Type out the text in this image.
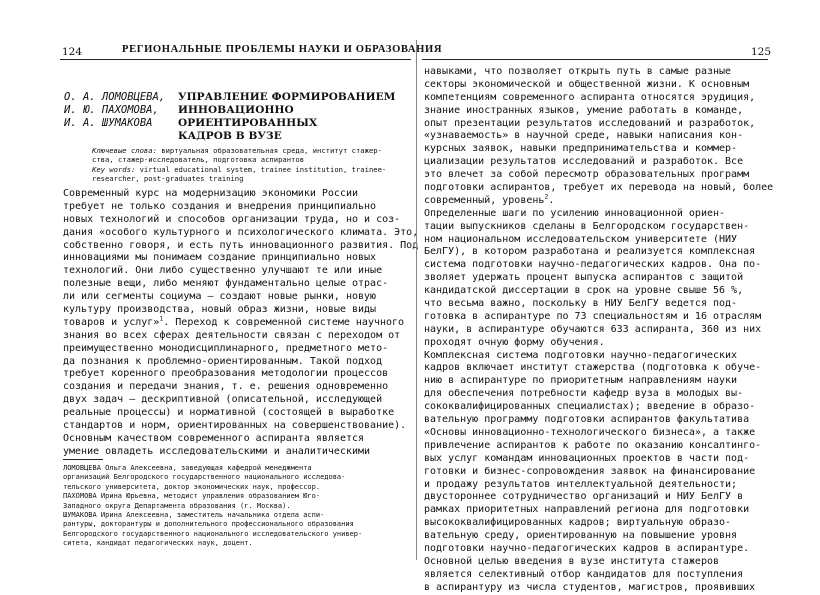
124	РЕГИОНАЛЬНЫЕ ПРОБЛЕМЫ НАУКИ И ОБРАЗОВАНИЯ	125
О. А. ЛОМОВЦЕВА,
И. Ю. ПАХОМОВА,
И. А. ШУМАКОВА
УПРАВЛЕНИЕ ФОРМИРОВАНИЕМ
ИННОВАЦИОННО
ОРИЕНТИРОВАННЫХ
КАДРОВ В ВУЗЕ
Ключевые слова: виртуальная образовательная среда, институт стажер-
ства, стажер-исследователь, подготовка аспирантов
Key words: virtual educational system, trainee institution, trainee-
researcher, post-graduates training
Современный курс на модернизацию экономики России
требует не только создания и внедрения принципиально
новых технологий и способов организации труда, но и соз-
дания «особого культурного и психологического климата. Это,
собственно говоря, и есть путь инновационного развития. Под
инновациями мы понимаем создание принципиально новых
технологий. Они либо существенно улучшают те или иные
полезные вещи, либо меняют фундаментально целые отрас-
ли или сегменты социума — создают новые рынки, новую
культуру производства, новый образ жизни, новые виды
товаров и услуг»$^1$. Переход к современной системе научного
знания во всех сферах деятельности связан с переходом от
преимущественно монодисциплинарного, предметного мето-
да познания к проблемно-ориентированным. Такой подход
требует коренного преобразования методологии процессов
создания и передачи знания, т. е. решения одновременно
двух задач — дескриптивной (описательной, исследующей
реальные процессы) и нормативной (состоящей в выработке
стандартов и норм, ориентированных на совершенствование).
Основным качеством современного аспиранта является
умение овладеть исследовательскими и аналитическими
ЛОМОВЦЕВА Ольга Алексеевна, заведующая кафедрой менеджмента
организаций Белгородского государственного национального исследова-
тельского университета, доктор экономических наук, профессор.
ПАХОМОВА Ирина Юрьевна, методист управления образованием Юго-
Западного округа Департамента образования (г. Москва).
ШУМАКОВА Ирина Алексеевна, заместитель начальника отдела аспи-
рантуры, докторантуры и дополнительного профессионального образования
Белгородского государственного национального исследовательского универ-
ситета, кандидат педагогических наук, доцент.
навыками, что позволяет открыть путь в самые разные
секторы экономической и общественной жизни. К основным
компетенциям современного аспиранта относятся эрудиция,
знание иностранных языков, умение работать в команде,
опыт презентации результатов исследований и разработок,
«узнаваемость» в научной среде, навыки написания кон-
курсных заявок, навыки предпринимательства и коммер-
циализации результатов исследований и разработок. Все
это влечет за собой пересмотр образовательных программ
подготовки аспирантов, требует их перевода на новый, более
современный, уровень$^2$.
Определенные шаги по усилению инновационной ориен-
тации выпускников сделаны в Белгородском государствен-
ном национальном исследовательском университете (НИУ
БелГУ), в котором разработана и реализуется комплексная
система подготовки научно-педагогических кадров. Она по-
зволяет удержать процент выпуска аспирантов с защитой
кандидатской диссертации в срок на уровне свыше 56 %,
что весьма важно, поскольку в НИУ БелГУ ведется под-
готовка в аспирантуре по 73 специальностям и 16 отраслям
науки, в аспирантуре обучаются 633 аспиранта, 360 из них
проходят очную форму обучения.
Комплексная система подготовки научно-педагогических
кадров включает институт стажерства (подготовка к обуче-
нию в аспирантуре по приоритетным направлениям науки
для обеспечения потребности кафедр вуза в молодых вы-
сококвалифицированных специалистах); введение в образо-
вательную программу подготовки аспирантов факультатива
«Основы инновационно-технологического бизнеса», а также
привлечение аспирантов к работе по оказанию консалтинго-
вых услуг командам инновационных проектов в части под-
готовки и бизнес-сопровождения заявок на финансирование
и продажу результатов интеллектуальной деятельности;
двустороннее сотрудничество организаций и НИУ БелГУ в
рамках приоритетных направлений региона для подготовки
высококвалифицированных кадров; виртуальную образо-
вательную среду, ориентированную на повышение уровня
подготовки научно-педагогических кадров в аспирантуре.
Основной целью введения в вузе института стажеров
является селективный отбор кандидатов для поступления
в аспирантуру из числа студентов, магистров, проявивших
